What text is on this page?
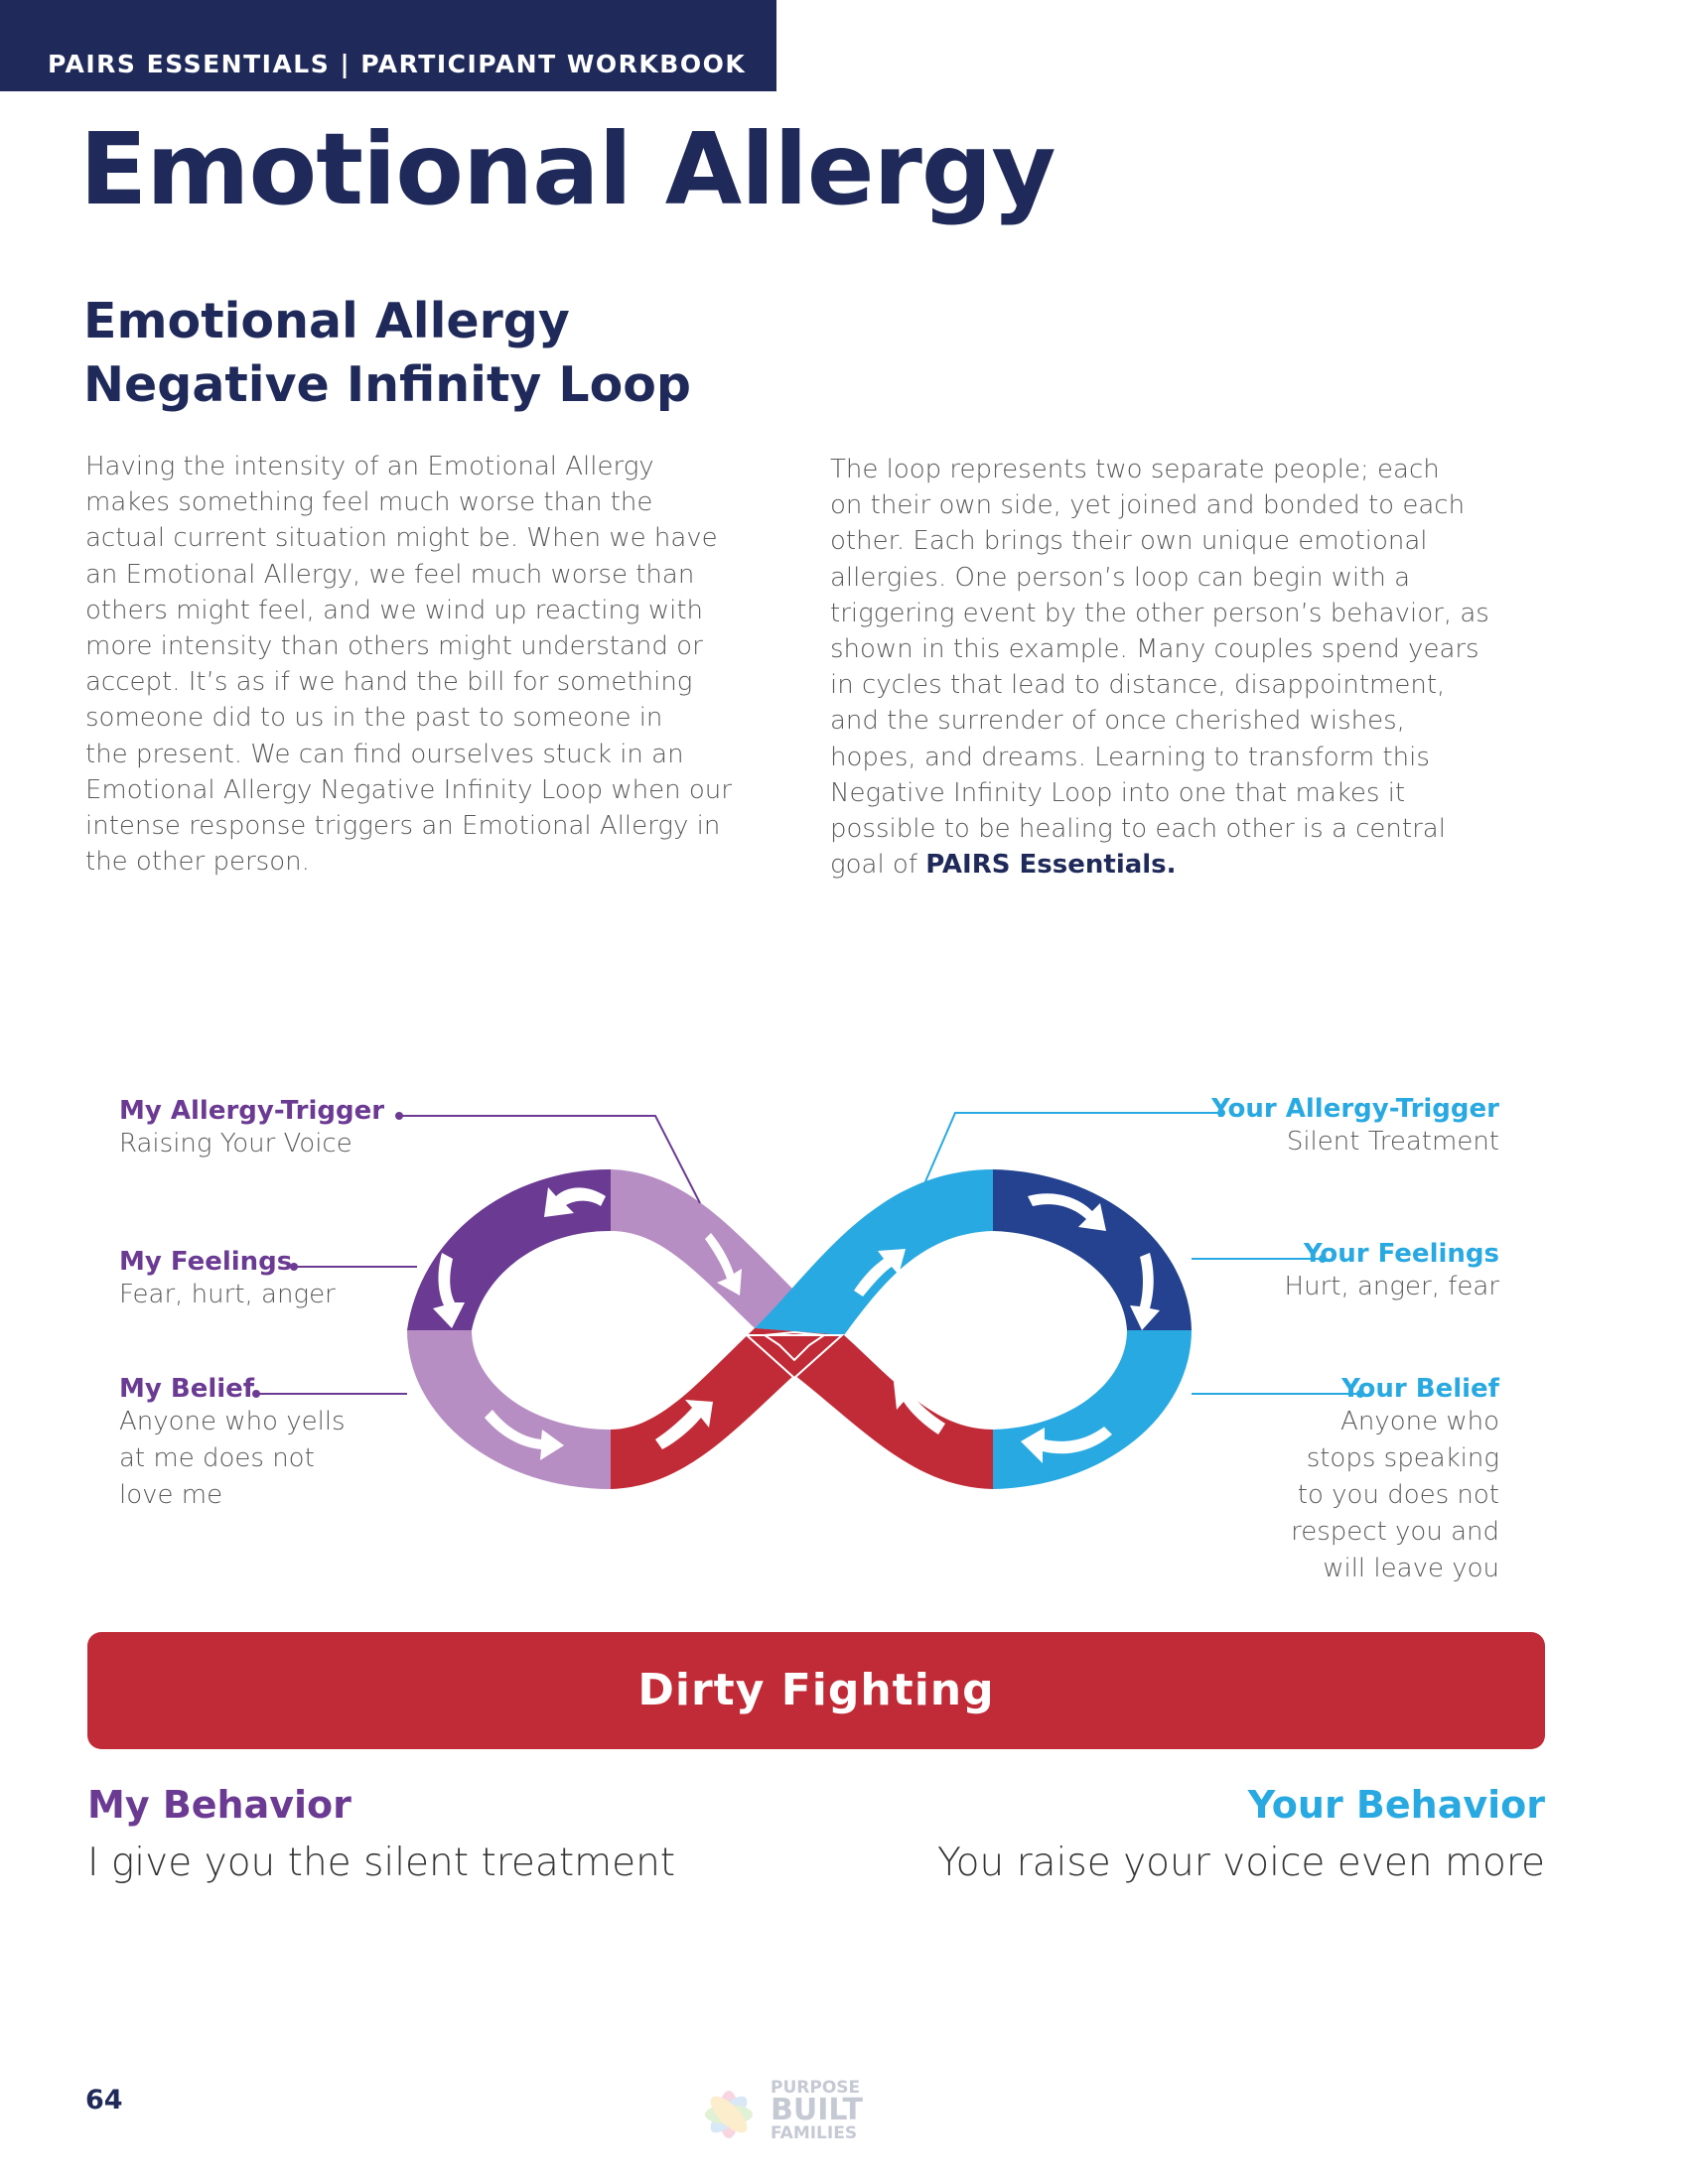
PAIRS ESSENTIALS | PARTICIPANT WORKBOOK
Emotional Allergy
Emotional Allergy
Negative Infinity Loop

Having the intensity of an Emotional Allergy
makes something feel much worse than the
actual current situation might be. When we have
an Emotional Allergy, we feel much worse than
others might feel, and we wind up reacting with
more intensity than others might understand or
accept. It’s as if we hand the bill for something
someone did to us in the past to someone in
the present. We can find ourselves stuck in an
Emotional Allergy Negative Infinity Loop when our
intense response triggers an Emotional Allergy in
the other person.

The loop represents two separate people; each
on their own side, yet joined and bonded to each
other. Each brings their own unique emotional
allergies. One person’s loop can begin with a
triggering event by the other person’s behavior, as
shown in this example. Many couples spend years
in cycles that lead to distance, disappointment,
and the surrender of once cherished wishes,
hopes, and dreams. Learning to transform this
Negative Infinity Loop into one that makes it
possible to be healing to each other is a central
goal of PAIRS Essentials.

My Allergy-Trigger
Raising Your Voice
My Feelings
Fear, hurt, anger
My Belief
Anyone who yells
at me does not
love me
Your Allergy-Trigger
Silent Treatment
Your Feelings
Hurt, anger, fear
Your Belief
Anyone who
stops speaking
to you does not
respect you and
will leave you
Dirty Fighting
My Behavior
I give you the silent treatment
Your Behavior
You raise your voice even more
64	PURPOSE
BUILT
FAMILIES
